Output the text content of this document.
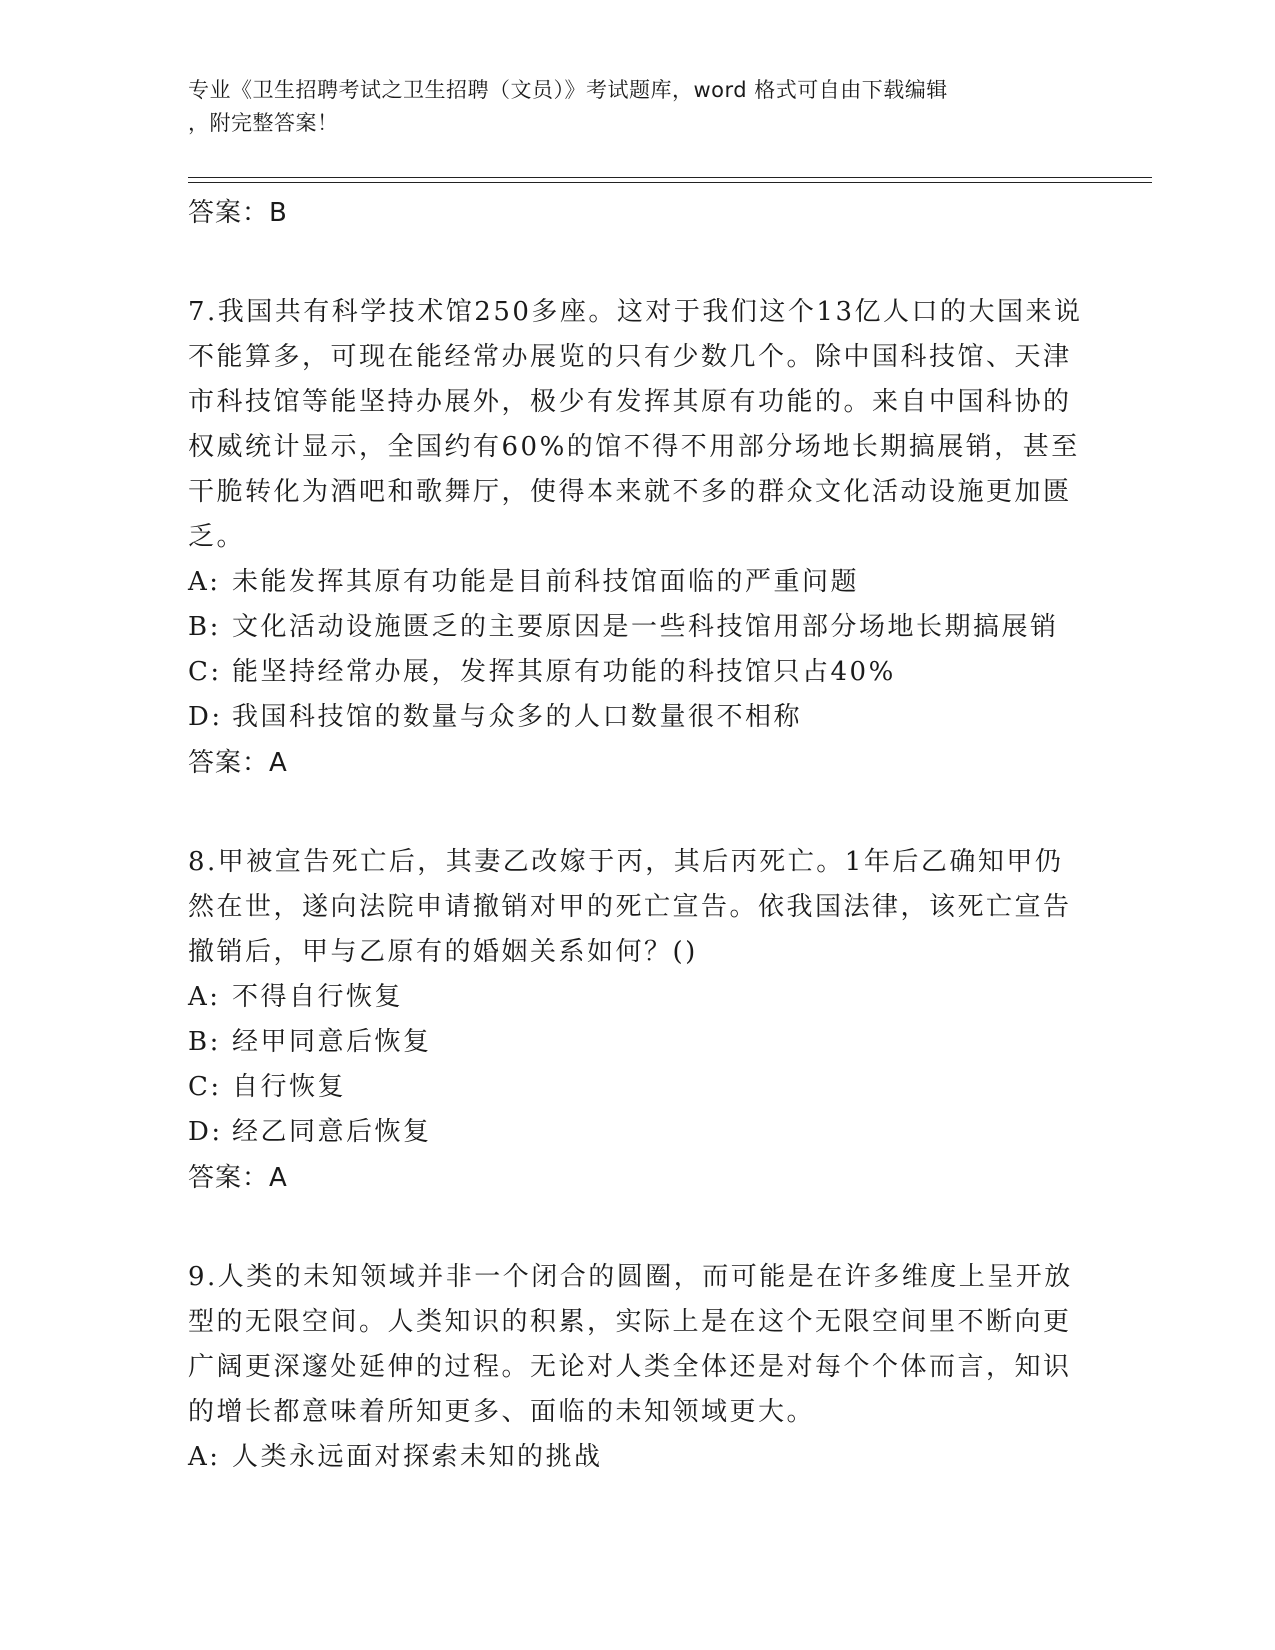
专业《卫生招聘考试之卫生招聘（文员）》考试题库，word 格式可自由下载编辑
，附完整答案！
答案：B
7.我国共有科学技术馆250多座。这对于我们这个13亿人口的大国来说不能算多，可现在能经常办展览的只有少数几个。除中国科技馆、天津市科技馆等能坚持办展外，极少有发挥其原有功能的。来自中国科协的权威统计显示，全国约有60%的馆不得不用部分场地长期搞展销，甚至干脆转化为酒吧和歌舞厅，使得本来就不多的群众文化活动设施更加匮乏。
A: 未能发挥其原有功能是目前科技馆面临的严重问题
B: 文化活动设施匮乏的主要原因是一些科技馆用部分场地长期搞展销
C: 能坚持经常办展，发挥其原有功能的科技馆只占40%
D: 我国科技馆的数量与众多的人口数量很不相称
答案：A
8.甲被宣告死亡后，其妻乙改嫁于丙，其后丙死亡。1年后乙确知甲仍然在世，遂向法院申请撤销对甲的死亡宣告。依我国法律，该死亡宣告撤销后，甲与乙原有的婚姻关系如何？()
A: 不得自行恢复
B: 经甲同意后恢复
C: 自行恢复
D: 经乙同意后恢复
答案：A
9.人类的未知领域并非一个闭合的圆圈，而可能是在许多维度上呈开放型的无限空间。人类知识的积累，实际上是在这个无限空间里不断向更广阔更深邃处延伸的过程。无论对人类全体还是对每个个体而言，知识的增长都意味着所知更多、面临的未知领域更大。
A: 人类永远面对探索未知的挑战
